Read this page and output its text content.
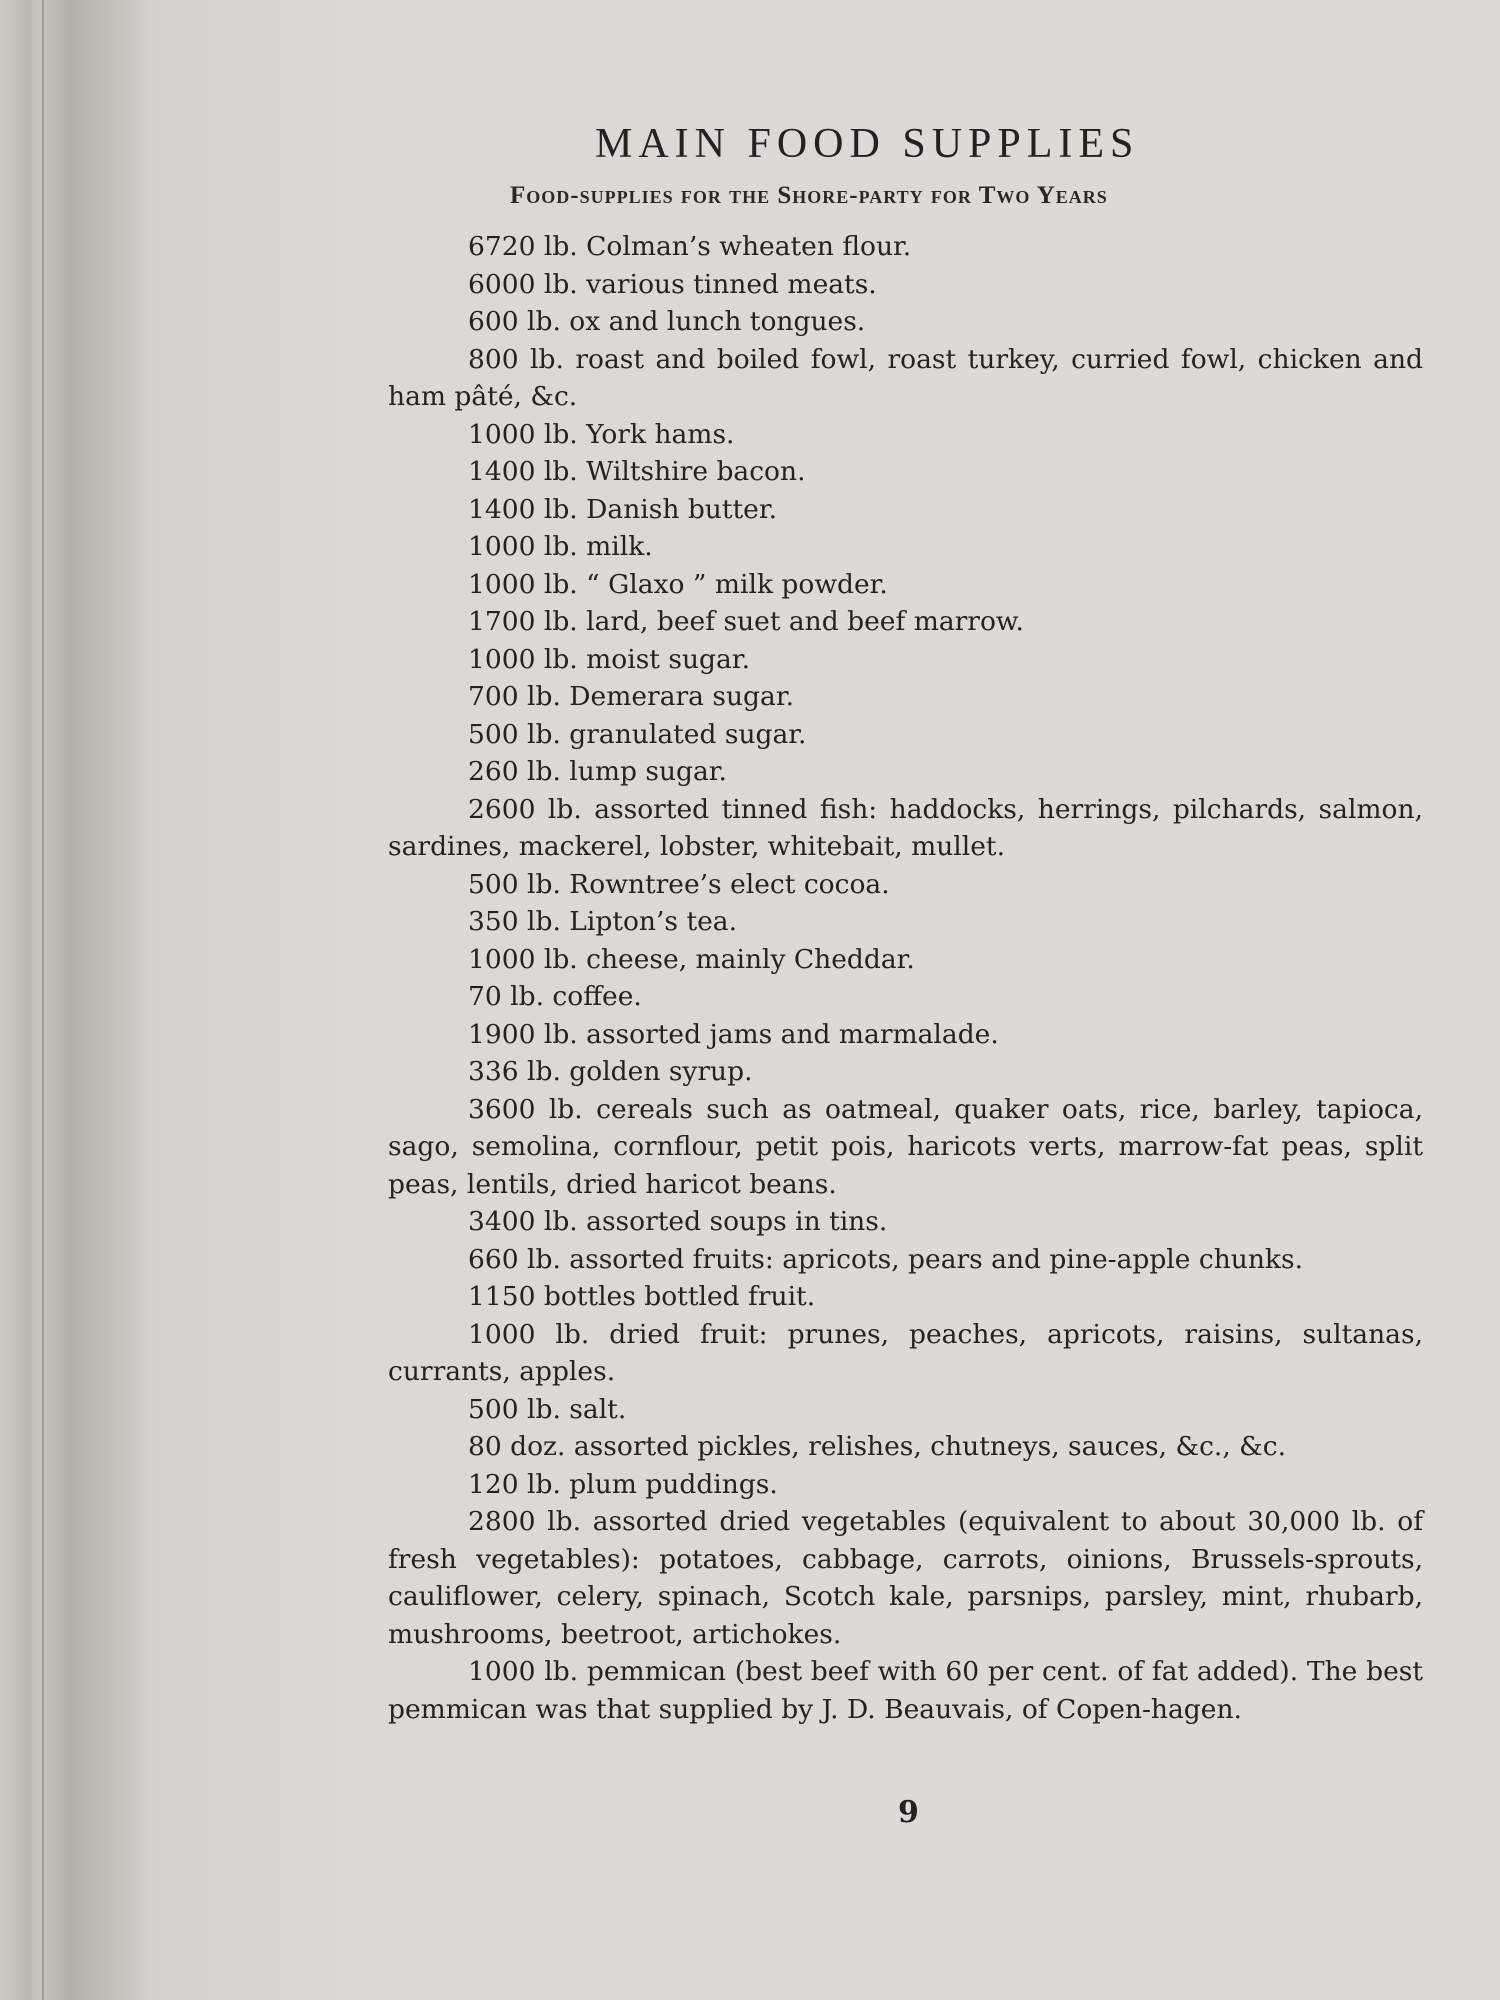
MAIN FOOD SUPPLIES
Food-supplies for the Shore-party for Two Years
6720 lb. Colman’s wheaten flour.
6000 lb. various tinned meats.
600 lb. ox and lunch tongues.
800 lb. roast and boiled fowl, roast turkey, curried fowl, chicken and ham pâté, &c.
1000 lb. York hams.
1400 lb. Wiltshire bacon.
1400 lb. Danish butter.
1000 lb. milk.
1000 lb. “ Glaxo ” milk powder.
1700 lb. lard, beef suet and beef marrow.
1000 lb. moist sugar.
700 lb. Demerara sugar.
500 lb. granulated sugar.
260 lb. lump sugar.
2600 lb. assorted tinned fish: haddocks, herrings, pilchards, salmon, sardines, mackerel, lobster, whitebait, mullet.
500 lb. Rowntree’s elect cocoa.
350 lb. Lipton’s tea.
1000 lb. cheese, mainly Cheddar.
70 lb. coffee.
1900 lb. assorted jams and marmalade.
336 lb. golden syrup.
3600 lb. cereals such as oatmeal, quaker oats, rice, barley, tapioca, sago, semolina, cornflour, petit pois, haricots verts, marrow-fat peas, split peas, lentils, dried haricot beans.
3400 lb. assorted soups in tins.
660 lb. assorted fruits: apricots, pears and pine-apple chunks.
1150 bottles bottled fruit.
1000 lb. dried fruit: prunes, peaches, apricots, raisins, sultanas, currants, apples.
500 lb. salt.
80 doz. assorted pickles, relishes, chutneys, sauces, &c., &c.
120 lb. plum puddings.
2800 lb. assorted dried vegetables (equivalent to about 30,000 lb. of fresh vegetables): potatoes, cabbage, carrots, oinions, Brussels-sprouts, cauliflower, celery, spinach, Scotch kale, parsnips, parsley, mint, rhubarb, mushrooms, beetroot, artichokes.
1000 lb. pemmican (best beef with 60 per cent. of fat added). The best pemmican was that supplied by J. D. Beauvais, of Copen-hagen.
9
